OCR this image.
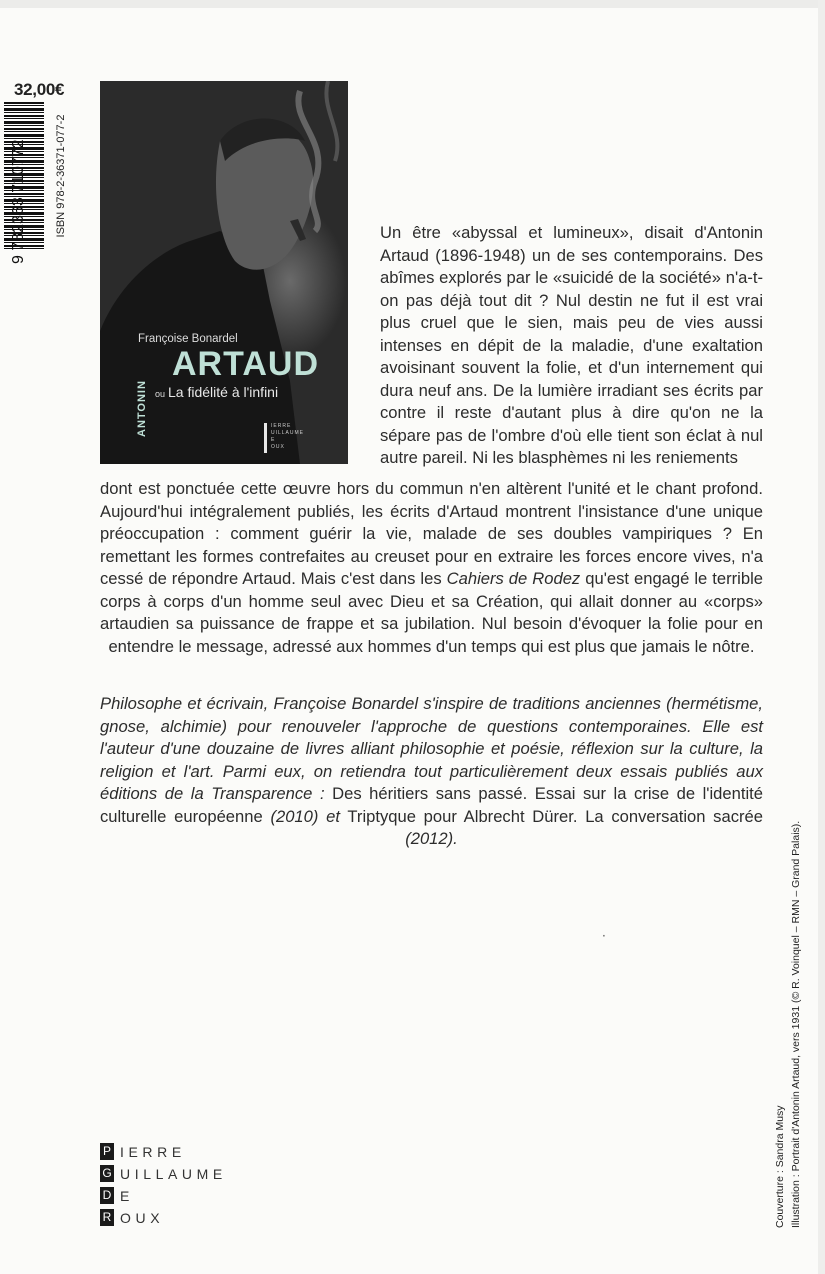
32,00€
9 782363 710772	ISBN 978-2-36371-077-2
Françoise Bonardel
ANTONIN
ARTAUD
ou La fidélité à l'infini
IERRE
UILLAUME
E
OUX

Un être «abyssal et lumineux», disait d'Antonin Artaud (1896-1948) un de ses contemporains. Des abîmes explorés par le «suicidé de la société» n'a-t-on pas déjà tout dit ? Nul destin ne fut il est vrai plus cruel que le sien, mais peu de vies aussi intenses en dépit de la maladie, d'une exaltation avoisinant souvent la folie, et d'un internement qui dura neuf ans. De la lumière irradiant ses écrits par contre il reste d'autant plus à dire qu'on ne la sépare pas de l'ombre d'où elle tient son éclat à nul autre pareil. Ni les blasphèmes ni les reniements

dont est ponctuée cette œuvre hors du commun n'en altèrent l'unité et le chant profond. Aujourd'hui intégralement publiés, les écrits d'Artaud montrent l'insistance d'une unique préoccupation : comment guérir la vie, malade de ses doubles vampiriques ? En remettant les formes contrefaites au creuset pour en extraire les forces encore vives, n'a cessé de répondre Artaud. Mais c'est dans les Cahiers de Rodez qu'est engagé le terrible corps à corps d'un homme seul avec Dieu et sa Création, qui allait donner au «corps» artaudien sa puissance de frappe et sa jubilation. Nul besoin d'évoquer la folie pour en entendre le message, adressé aux hommes d'un temps qui est plus que jamais le nôtre.

Philosophe et écrivain, Françoise Bonardel s'inspire de traditions anciennes (hermétisme, gnose, alchimie) pour renouveler l'approche de questions contemporaines. Elle est l'auteur d'une douzaine de livres alliant philosophie et poésie, réflexion sur la culture, la religion et l'art. Parmi eux, on retiendra tout particulièrement deux essais publiés aux éditions de la Transparence : Des héritiers sans passé. Essai sur la crise de l'identité culturelle européenne (2010) et Triptyque pour Albrecht Dürer. La conversation sacrée (2012).

·
Couverture : Sandra Musy Illustration : Portrait d'Antonin Artaud, vers 1931 (© R. Voinquel – RMN – Grand Palais).
P IERRE
G UILLAUME
D E
R OUX
